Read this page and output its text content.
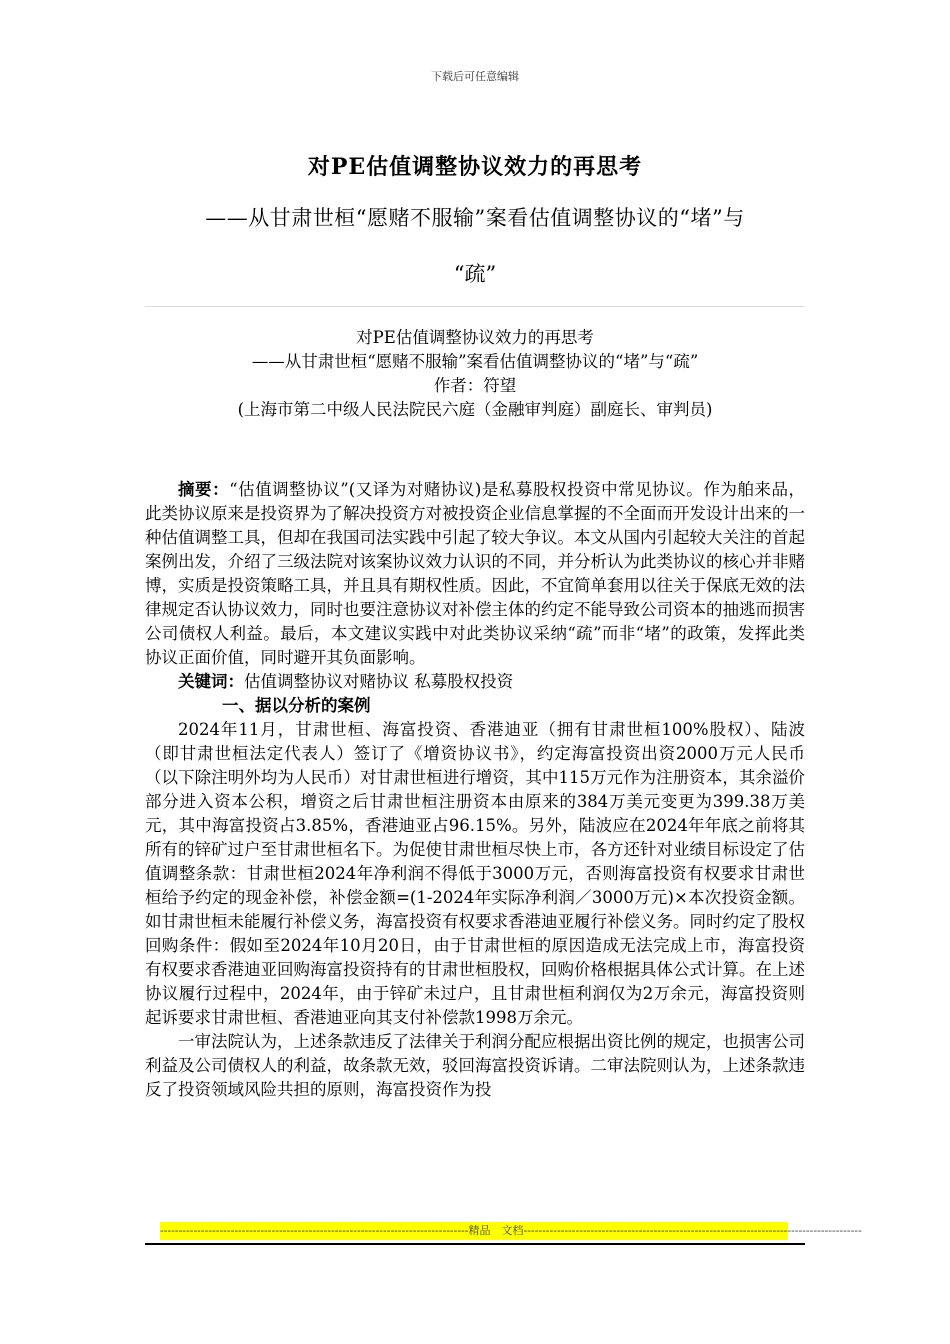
下载后可任意编辑
对PE估值调整协议效力的再思考
——从甘肃世桓“愿赌不服输”案看估值调整协议的“堵”与
“疏”
对PE估值调整协议效力的再思考
——从甘肃世桓“愿赌不服输”案看估值调整协议的“堵”与“疏”
作者：符望
(上海市第二中级人民法院民六庭（金融审判庭）副庭长、审判员)

摘要：“估值调整协议”(又译为对赌协议)是私募股权投资中常见协议。作为舶来品， 此类协议原来是投资界为了解决投资方对被投资企业信息掌握的不全面而开发设计出来的一种估值调整工具，但却在我国司法实践中引起了较大争议。本文从国内引起较大关注的首起案例出发，介绍了三级法院对该案协议效力认识的不同，并分析认为此类协议的核心并非赌博，实质是投资策略工具，并且具有期权性质。因此，不宜简单套用以往关于保底无效的法律规定否认协议效力，同时也要注意协议对补偿主体的约定不能导致公司资本的抽逃而损害公司债权人利益。最后，本文建议实践中对此类协议采纳“疏”而非“堵”的政策，发挥此类协议正面价值，同时避开其负面影响。

关键词：估值调整协议对赌协议 私募股权投资

一、据以分析的案例

2024年11月，甘肃世桓、海富投资、香港迪亚（拥有甘肃世桓100%股权）、陆波（即甘肃世桓法定代表人）签订了《增资协议书》，约定海富投资出资2000万元人民币（以下除注明外均为人民币）对甘肃世桓进行增资，其中115万元作为注册资本，其余溢价部分进入资本公积，增资之后甘肃世桓注册资本由原来的384万美元变更为399.38万美元，其中海富投资占3.85%，香港迪亚占96.15%。另外，陆波应在2024年年底之前将其所有的锌矿过户至甘肃世桓名下。为促使甘肃世桓尽快上市，各方还针对业绩目标设定了估值调整条款：甘肃世桓2024年净利润不得低于3000万元，否则海富投资有权要求甘肃世桓给予约定的现金补偿，补偿金额=(1-2024年实际净利润／3000万元)×本次投资金额。如甘肃世桓未能履行补偿义务，海富投资有权要求香港迪亚履行补偿义务。同时约定了股权回购条件：假如至2024年10月20日，由于甘肃世桓的原因造成无法完成上市，海富投资有权要求香港迪亚回购海富投资持有的甘肃世桓股权，回购价格根据具体公式计算。在上述协议履行过程中，2024年，由于锌矿未过户，且甘肃世桓利润仅为2万余元，海富投资则起诉要求甘肃世桓、香港迪亚向其支付补偿款1998万余元。

一审法院认为，上述条款违反了法律关于利润分配应根据出资比例的规定，也损害公司利益及公司债权人的利益，故条款无效，驳回海富投资诉请。二审法院则认为，上述条款违反了投资领域风险共担的原则，海富投资作为投

-----------------------------------------------------------------------------------精品　文档-------------------------------------------------------------------------------------------
